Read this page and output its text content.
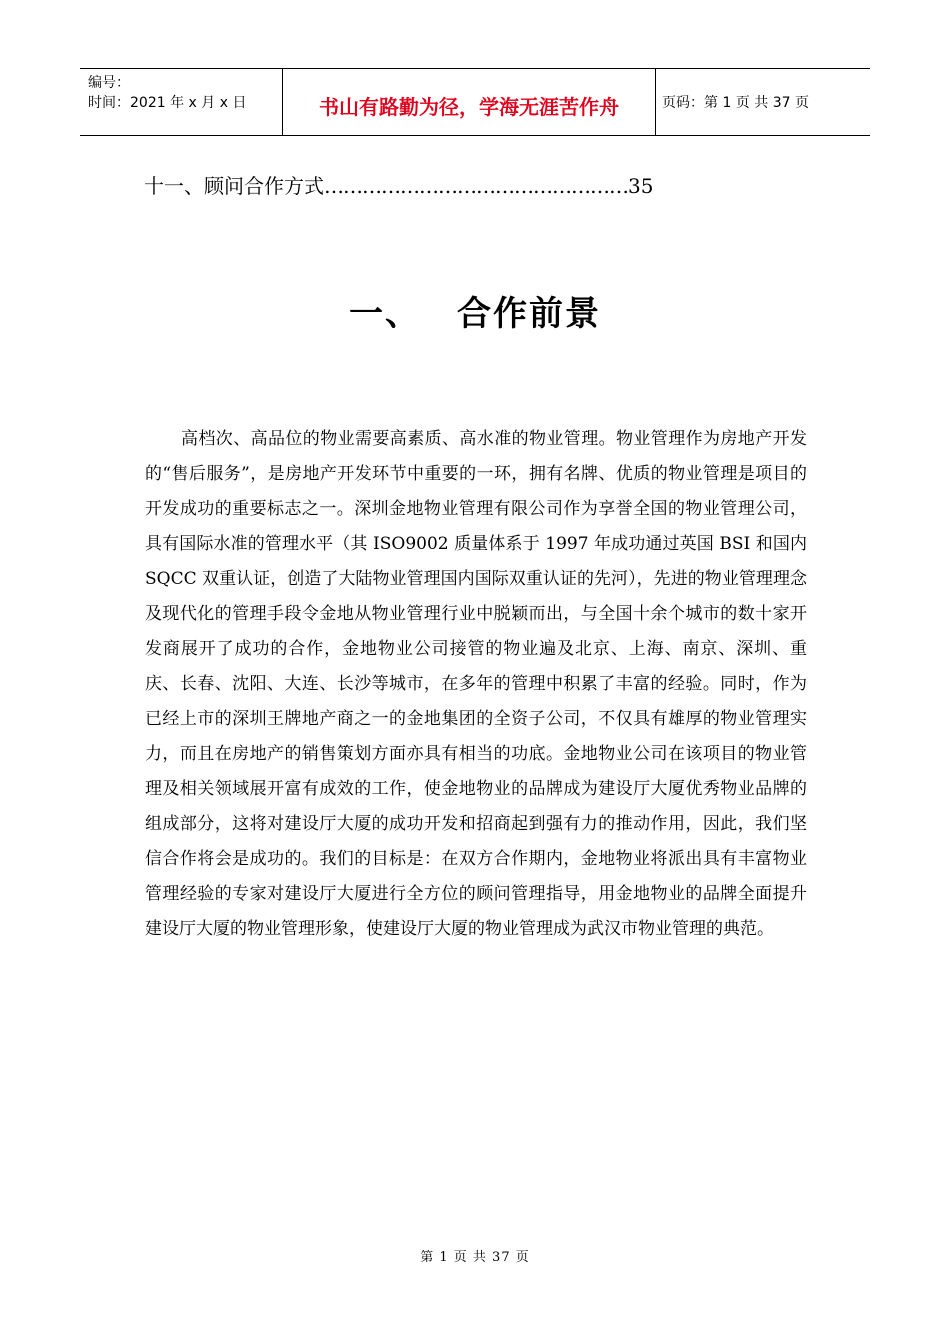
编号：
时间：2021 年 x 月 x 日	书山有路勤为径，学海无涯苦作舟	页码：第 1 页 共 37 页
十一、顾问合作方式 ………………………………………… 35
一、 合作前景
高档次、高品位的物业需要高素质、高水准的物业管理。物业管理作为房地产开发的“售后服务”，是房地产开发环节中重要的一环，拥有名牌、优质的物业管理是项目的开发成功的重要标志之一。深圳金地物业管理有限公司作为享誉全国的物业管理公司，具有国际水准的管理水平（其 ISO9002 质量体系于 1997 年成功通过英国 BSI 和国内 SQCC 双重认证，创造了大陆物业管理国内国际双重认证的先河），先进的物业管理理念及现代化的管理手段令金地从物业管理行业中脱颖而出，与全国十余个城市的数十家开发商展开了成功的合作，金地物业公司接管的物业遍及北京、上海、南京、深圳、重庆、长春、沈阳、大连、长沙等城市，在多年的管理中积累了丰富的经验。同时，作为已经上市的深圳王牌地产商之一的金地集团的全资子公司，不仅具有雄厚的物业管理实力，而且在房地产的销售策划方面亦具有相当的功底。金地物业公司在该项目的物业管理及相关领域展开富有成效的工作，使金地物业的品牌成为建设厅大厦优秀物业品牌的组成部分，这将对建设厅大厦的成功开发和招商起到强有力的推动作用，因此，我们坚信合作将会是成功的。我们的目标是：在双方合作期内，金地物业将派出具有丰富物业管理经验的专家对建设厅大厦进行全方位的顾问管理指导，用金地物业的品牌全面提升建设厅大厦的物业管理形象，使建设厅大厦的物业管理成为武汉市物业管理的典范。
第 1 页 共 37 页
